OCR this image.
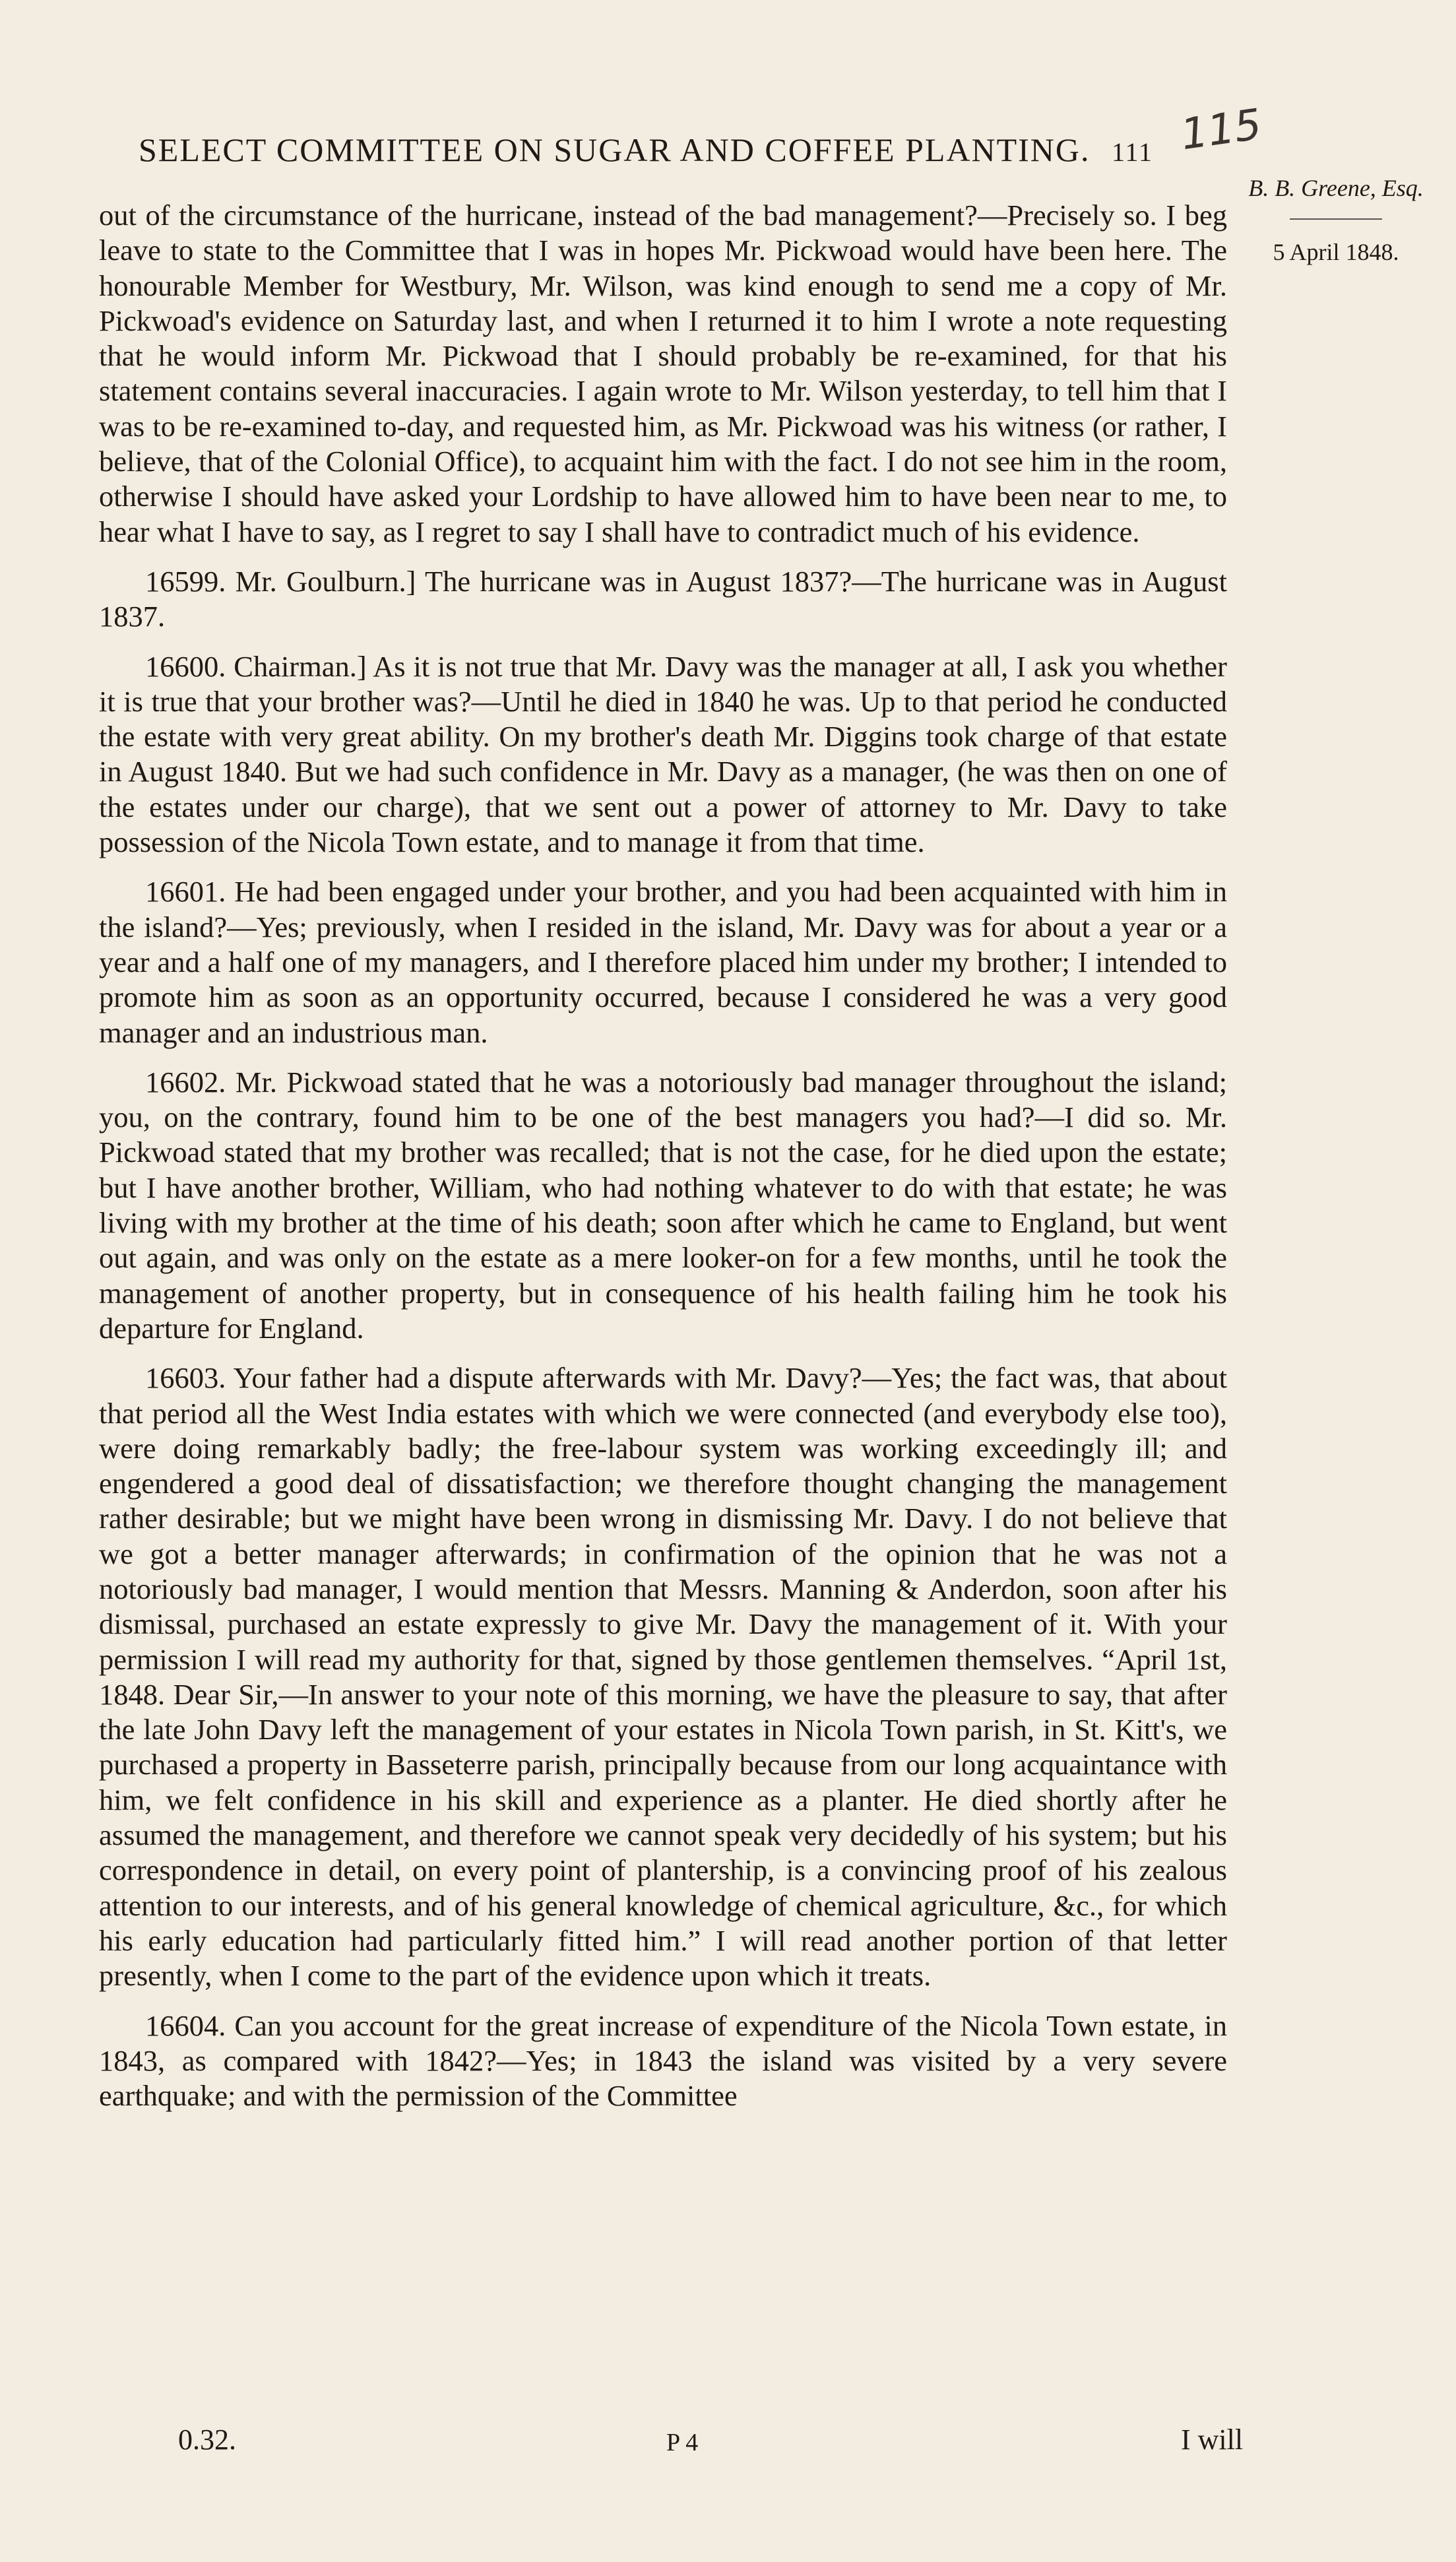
SELECT COMMITTEE ON SUGAR AND COFFEE PLANTING. 111 115
B. B. Greene, Esq.
5 April 1848.

out of the circumstance of the hurricane, instead of the bad management?—Precisely so. I beg leave to state to the Committee that I was in hopes Mr. Pickwoad would have been here. The honourable Member for Westbury, Mr. Wilson, was kind enough to send me a copy of Mr. Pickwoad's evidence on Saturday last, and when I returned it to him I wrote a note requesting that he would inform Mr. Pickwoad that I should probably be re-examined, for that his statement contains several inaccuracies. I again wrote to Mr. Wilson yesterday, to tell him that I was to be re-examined to-day, and requested him, as Mr. Pickwoad was his witness (or rather, I believe, that of the Colonial Office), to acquaint him with the fact. I do not see him in the room, otherwise I should have asked your Lordship to have allowed him to have been near to me, to hear what I have to say, as I regret to say I shall have to contradict much of his evidence.

16599. Mr. Goulburn.] The hurricane was in August 1837?—The hurricane was in August 1837.

16600. Chairman.] As it is not true that Mr. Davy was the manager at all, I ask you whether it is true that your brother was?—Until he died in 1840 he was. Up to that period he conducted the estate with very great ability. On my brother's death Mr. Diggins took charge of that estate in August 1840. But we had such confidence in Mr. Davy as a manager, (he was then on one of the estates under our charge), that we sent out a power of attorney to Mr. Davy to take possession of the Nicola Town estate, and to manage it from that time.

16601. He had been engaged under your brother, and you had been acquainted with him in the island?—Yes; previously, when I resided in the island, Mr. Davy was for about a year or a year and a half one of my managers, and I therefore placed him under my brother; I intended to promote him as soon as an opportunity occurred, because I considered he was a very good manager and an industrious man.

16602. Mr. Pickwoad stated that he was a notoriously bad manager throughout the island; you, on the contrary, found him to be one of the best managers you had?—I did so. Mr. Pickwoad stated that my brother was recalled; that is not the case, for he died upon the estate; but I have another brother, William, who had nothing whatever to do with that estate; he was living with my brother at the time of his death; soon after which he came to England, but went out again, and was only on the estate as a mere looker-on for a few months, until he took the management of another property, but in consequence of his health failing him he took his departure for England.

16603. Your father had a dispute afterwards with Mr. Davy?—Yes; the fact was, that about that period all the West India estates with which we were connected (and everybody else too), were doing remarkably badly; the free-labour system was working exceedingly ill; and engendered a good deal of dissatisfaction; we therefore thought changing the management rather desirable; but we might have been wrong in dismissing Mr. Davy. I do not believe that we got a better manager afterwards; in confirmation of the opinion that he was not a notoriously bad manager, I would mention that Messrs. Manning & Anderdon, soon after his dismissal, purchased an estate expressly to give Mr. Davy the management of it. With your permission I will read my authority for that, signed by those gentlemen themselves. “April 1st, 1848. Dear Sir,—In answer to your note of this morning, we have the pleasure to say, that after the late John Davy left the management of your estates in Nicola Town parish, in St. Kitt's, we purchased a property in Basseterre parish, principally because from our long acquaintance with him, we felt confidence in his skill and experience as a planter. He died shortly after he assumed the management, and therefore we cannot speak very decidedly of his system; but his correspondence in detail, on every point of plantership, is a convincing proof of his zealous attention to our interests, and of his general knowledge of chemical agriculture, &c., for which his early education had particularly fitted him.” I will read another portion of that letter presently, when I come to the part of the evidence upon which it treats.

16604. Can you account for the great increase of expenditure of the Nicola Town estate, in 1843, as compared with 1842?—Yes; in 1843 the island was visited by a very severe earthquake; and with the permission of the Committee

0.32.	P 4	I will
